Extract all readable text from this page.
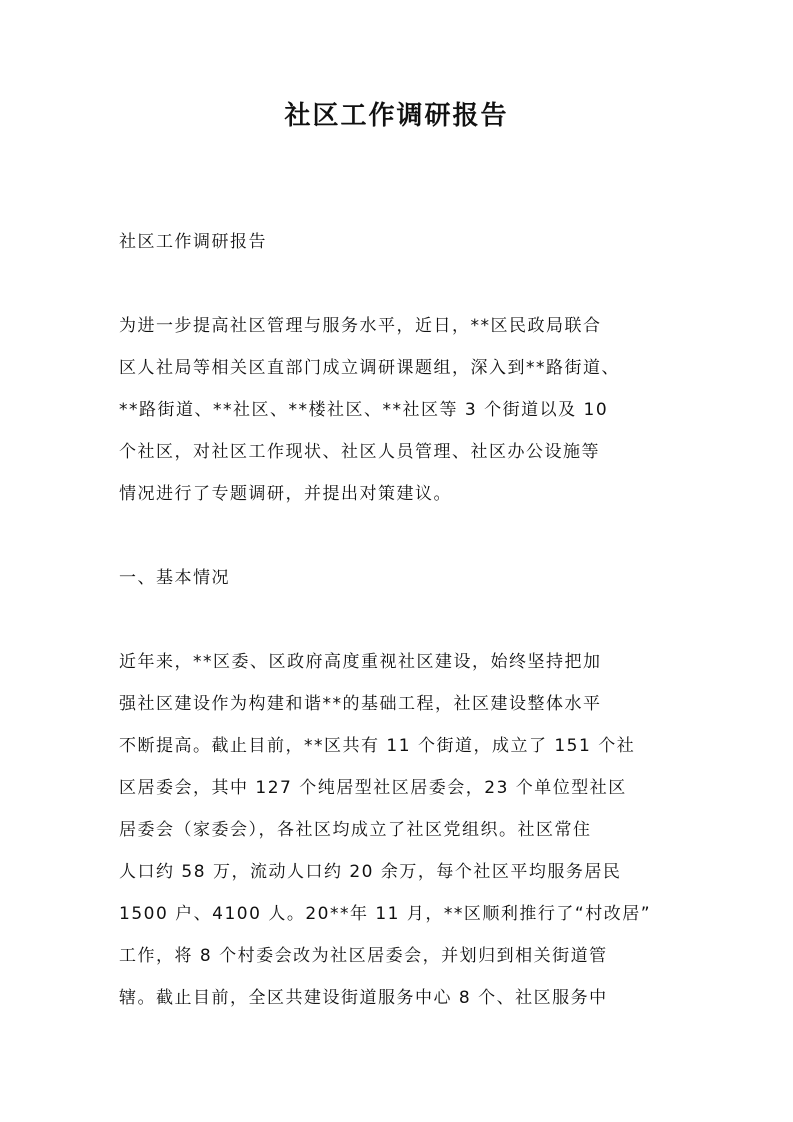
社区工作调研报告
社区工作调研报告
为进一步提高社区管理与服务水平，近日，**区民政局联合
区人社局等相关区直部门成立调研课题组，深入到**路街道、
**路街道、**社区、**楼社区、**社区等 3 个街道以及 10
个社区，对社区工作现状、社区人员管理、社区办公设施等
情况进行了专题调研，并提出对策建议。
一、基本情况
近年来，**区委、区政府高度重视社区建设，始终坚持把加
强社区建设作为构建和谐**的基础工程，社区建设整体水平
不断提高。截止目前，**区共有 11 个街道，成立了 151 个社
区居委会，其中 127 个纯居型社区居委会，23 个单位型社区
居委会（家委会），各社区均成立了社区党组织。社区常住
人口约 58 万，流动人口约 20 余万，每个社区平均服务居民
1500 户、4100 人。20**年 11 月，**区顺利推行了“村改居”
工作，将 8 个村委会改为社区居委会，并划归到相关街道管
辖。截止目前，全区共建设街道服务中心 8 个、社区服务中
